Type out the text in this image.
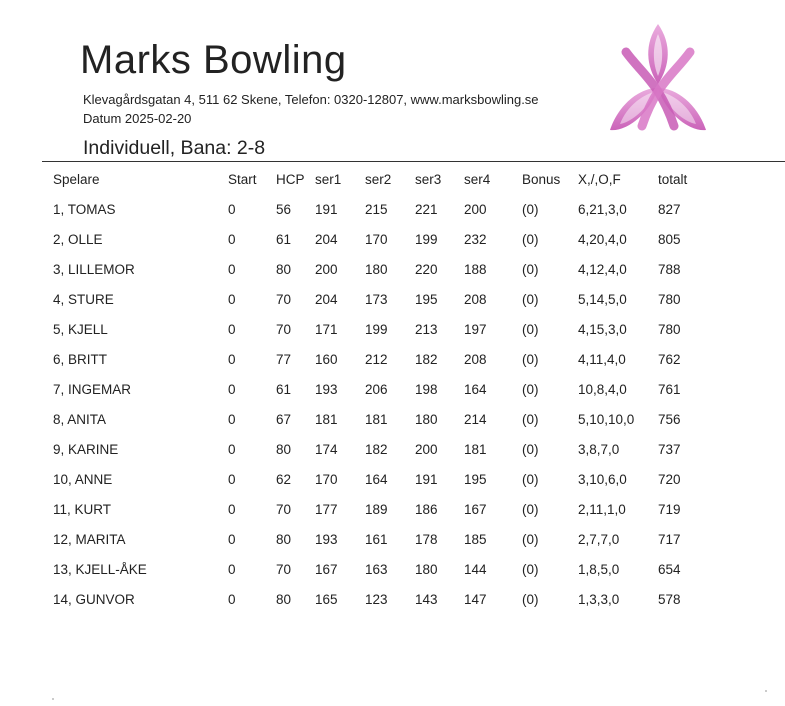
Marks Bowling
Klevagårdsgatan 4, 511 62 Skene, Telefon: 0320-12807, www.marksbowling.se
Datum 2025-02-20
Individuell, Bana: 2-8
Spelare	Start	HCP	ser1	ser2	ser3	ser4	Bonus	X,/,O,F	totalt
1, TOMAS	0	56	191	215	221	200	(0)	6,21,3,0	827
2, OLLE	0	61	204	170	199	232	(0)	4,20,4,0	805
3, LILLEMOR	0	80	200	180	220	188	(0)	4,12,4,0	788
4, STURE	0	70	204	173	195	208	(0)	5,14,5,0	780
5, KJELL	0	70	171	199	213	197	(0)	4,15,3,0	780
6, BRITT	0	77	160	212	182	208	(0)	4,11,4,0	762
7, INGEMAR	0	61	193	206	198	164	(0)	10,8,4,0	761
8, ANITA	0	67	181	181	180	214	(0)	5,10,10,0	756
9, KARINE	0	80	174	182	200	181	(0)	3,8,7,0	737
10, ANNE	0	62	170	164	191	195	(0)	3,10,6,0	720
11, KURT	0	70	177	189	186	167	(0)	2,11,1,0	719
12, MARITA	0	80	193	161	178	185	(0)	2,7,7,0	717
13, KJELL-ÅKE	0	70	167	163	180	144	(0)	1,8,5,0	654
14, GUNVOR	0	80	165	123	143	147	(0)	1,3,3,0	578
